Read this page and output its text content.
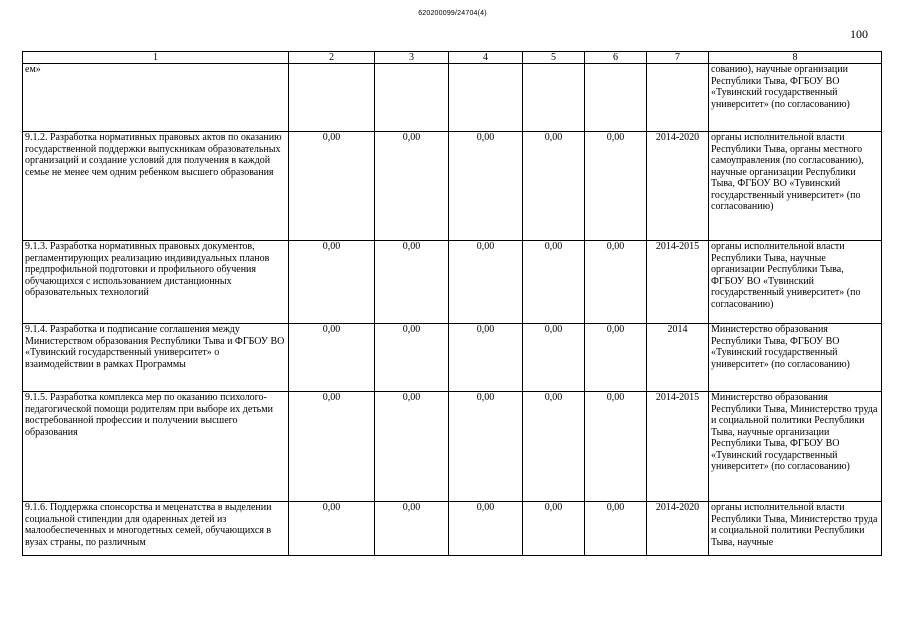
620200099/24704(4)
100
1	2	3	4	5	6	7	8
ем»							сованию), научные организации Республики Тыва, ФГБОУ ВО «Тувинский государственный университет» (по согласованию)
9.1.2. Разработка нормативных правовых актов по оказанию государственной поддержки выпускникам образовательных организаций и создание условий для получения в каждой семье не менее чем одним ребенком высшего образования	0,00	0,00	0,00	0,00	0,00	2014-2020	органы исполнительной власти Республики Тыва, органы местного самоуправления (по согласованию), научные организации Республики Тыва, ФГБОУ ВО «Тувинский государственный университет» (по согласованию)
9.1.3. Разработка нормативных правовых документов, регламентирующих реализацию индивидуальных планов предпрофильной подготовки и профильного обучения обучающихся с использованием дистанционных образовательных технологий	0,00	0,00	0,00	0,00	0,00	2014-2015	органы исполнительной власти Республики Тыва, научные организации Республики Тыва, ФГБОУ ВО «Тувинский государственный университет» (по согласованию)
9.1.4. Разработка и подписание соглашения между Министерством образования Республики Тыва и ФГБОУ ВО «Тувинский государственный университет» о взаимодействии в рамках Программы	0,00	0,00	0,00	0,00	0,00	2014	Министерство образования Республики Тыва, ФГБОУ ВО «Тувинский государственный университет» (по согласованию)
9.1.5. Разработка комплекса мер по оказанию психолого-педагогической помощи родителям при выборе их детьми востребованной профессии и получении высшего образования	0,00	0,00	0,00	0,00	0,00	2014-2015	Министерство образования Республики Тыва, Министерство труда и социальной политики Республики Тыва, научные организации Республики Тыва, ФГБОУ ВО «Тувинский государственный университет» (по согласованию)
9.1.6. Поддержка спонсорства и меценатства в выделении социальной стипендии для одаренных детей из малообеспеченных и многодетных семей, обучающихся в вузах страны, по различным	0,00	0,00	0,00	0,00	0,00	2014-2020	органы исполнительной власти Республики Тыва, Министерство труда и социальной политики Республики Тыва, научные
